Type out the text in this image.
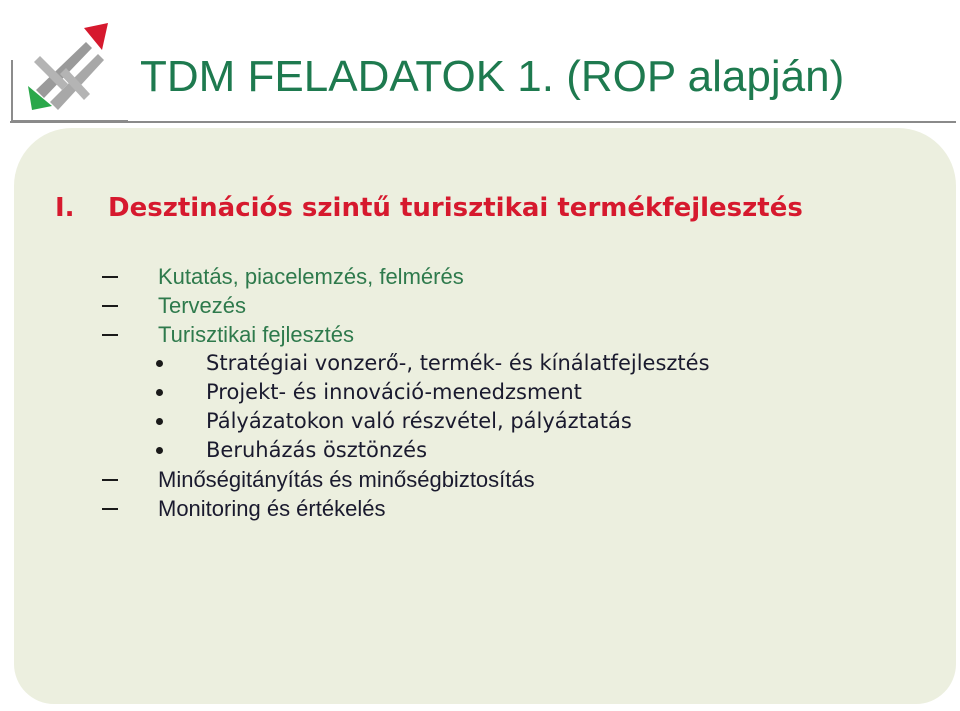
TDM FELADATOK 1. (ROP alapján)
I. Desztinációs szintű turisztikai termékfejlesztés
Kutatás, piacelemzés, felmérés
Tervezés
Turisztikai fejlesztés
Stratégiai vonzerő-, termék- és kínálatfejlesztés
Projekt- és innováció-menedzsment
Pályázatokon való részvétel, pályáztatás
Beruházás ösztönzés
Minőségitányítás és minőségbiztosítás
Monitoring és értékelés
